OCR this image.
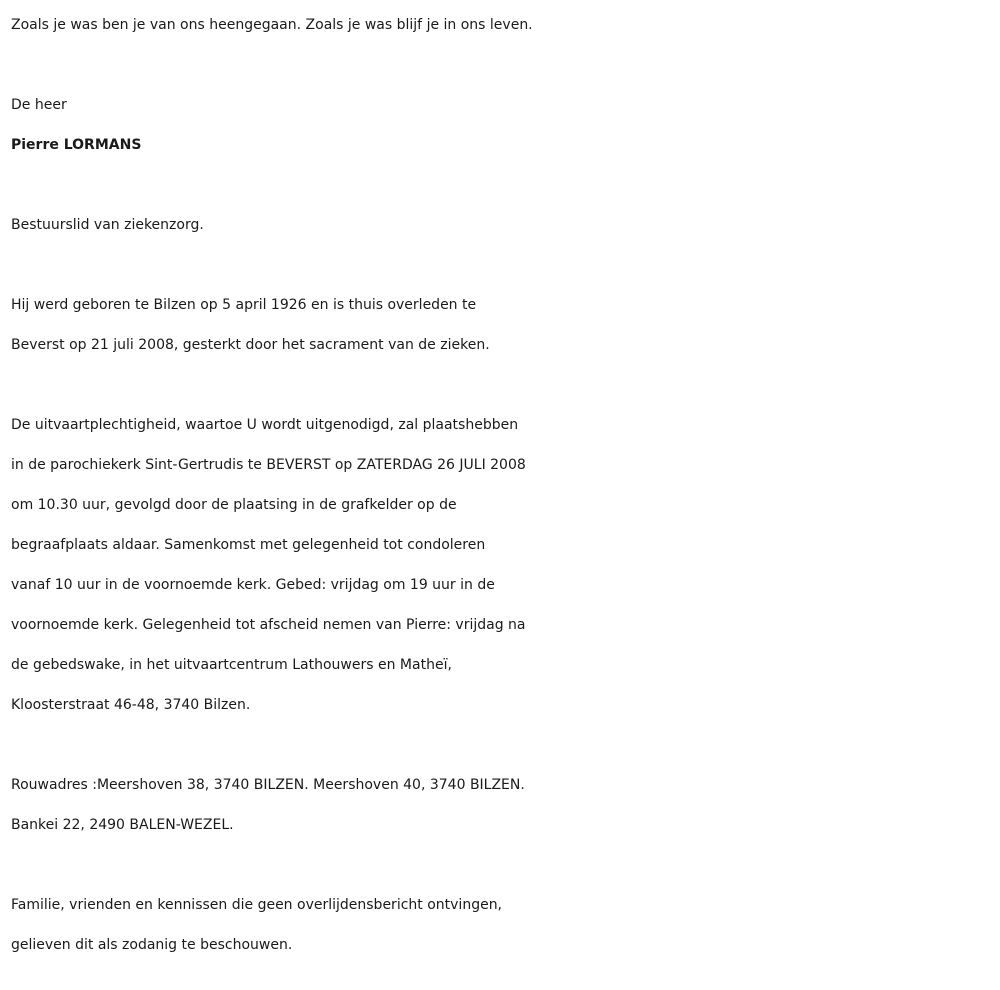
Zoals je was ben je van ons heengegaan. Zoals je was blijf je in ons leven.
De heer
Pierre LORMANS
Bestuurslid van ziekenzorg.
Hij werd geboren te Bilzen op 5 april 1926 en is thuis overleden te
Beverst op 21 juli 2008, gesterkt door het sacrament van de zieken.
De uitvaartplechtigheid, waartoe U wordt uitgenodigd, zal plaatshebben
in de parochiekerk Sint-Gertrudis te BEVERST op ZATERDAG 26 JULI 2008
om 10.30 uur, gevolgd door de plaatsing in de grafkelder op de
begraafplaats aldaar. Samenkomst met gelegenheid tot condoleren
vanaf 10 uur in de voornoemde kerk. Gebed: vrijdag om 19 uur in de
voornoemde kerk. Gelegenheid tot afscheid nemen van Pierre: vrijdag na
de gebedswake, in het uitvaartcentrum Lathouwers en Matheï,
Kloosterstraat 46-48, 3740 Bilzen.
Rouwadres :Meershoven 38, 3740 BILZEN. Meershoven 40, 3740 BILZEN.
Bankei 22, 2490 BALEN-WEZEL.
Familie, vrienden en kennissen die geen overlijdensbericht ontvingen,
gelieven dit als zodanig te beschouwen.
